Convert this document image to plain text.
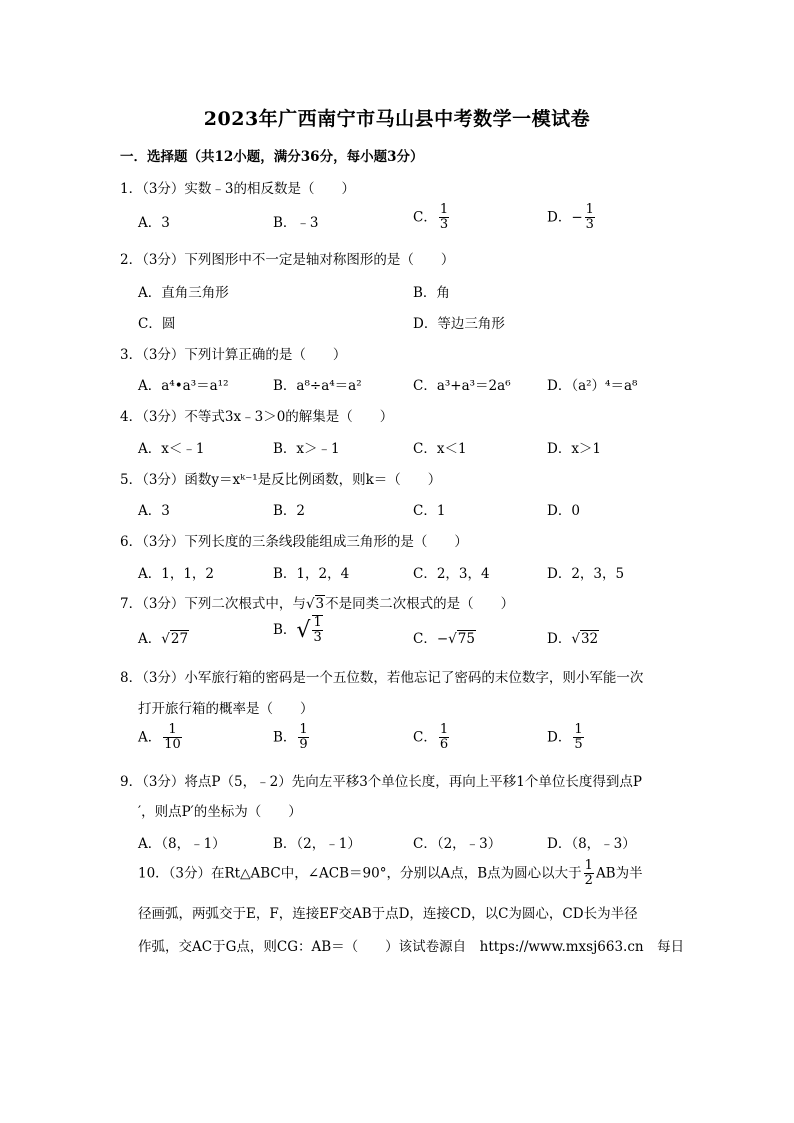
2023年广西南宁市马山县中考数学一模试卷
一．选择题（共12小题，满分36分，每小题3分）
1．（3分）实数﹣3的相反数是（　　）
A．3	B．﹣3	C． $\frac{1}{3}$	D．− $\frac{1}{3}$
2．（3分）下列图形中不一定是轴对称图形的是（　　）
A．直角三角形	B．角
C．圆	D．等边三角形
3．（3分）下列计算正确的是（　　）
A．a⁴•a³＝a¹²	B．a⁸÷a⁴＝a²	C．a³+a³＝2a⁶	D．（a²）⁴＝a⁸
4．（3分）不等式3x﹣3＞0的解集是（　　）
A．x＜﹣1	B．x＞﹣1	C．x＜1	D．x＞1
5．（3分）函数y＝xᵏ⁻¹是反比例函数，则k＝（　　）
A．3	B．2	C．1	D．0
6．（3分）下列长度的三条线段能组成三角形的是（　　）
A．1，1，2	B．1，2，4	C．2，3，4	D．2，3，5
7．（3分）下列二次根式中，与√3不是同类二次根式的是（　　）
A．√27
B．√ $\frac{1}{3}$	C．−√75	D．√32
8．（3分）小军旅行箱的密码是一个五位数，若他忘记了密码的末位数字，则小军能一次
打开旅行箱的概率是（　　）
A． $\frac{1}{10}$	B． $\frac{1}{9}$	C． $\frac{1}{6}$	D． $\frac{1}{5}$
9．（3分）将点P（5，﹣2）先向左平移3个单位长度，再向上平移1个单位长度得到点P
′，则点P′的坐标为（　　）
A．（8，﹣1）	B．（2，﹣1）	C．（2，﹣3）	D．（8，﹣3）
10．（3分）在Rt△ABC中，∠ACB＝90°，分别以A点，B点为圆心以大于 $\frac{1}{2}$ AB为半
径画弧，两弧交于E，F，连接EF交AB于点D，连接CD，以C为圆心，CD长为半径
作弧，交AC于G点，则CG：AB＝（　　）该试卷源自　https://www.mxsj663.cn　每日
